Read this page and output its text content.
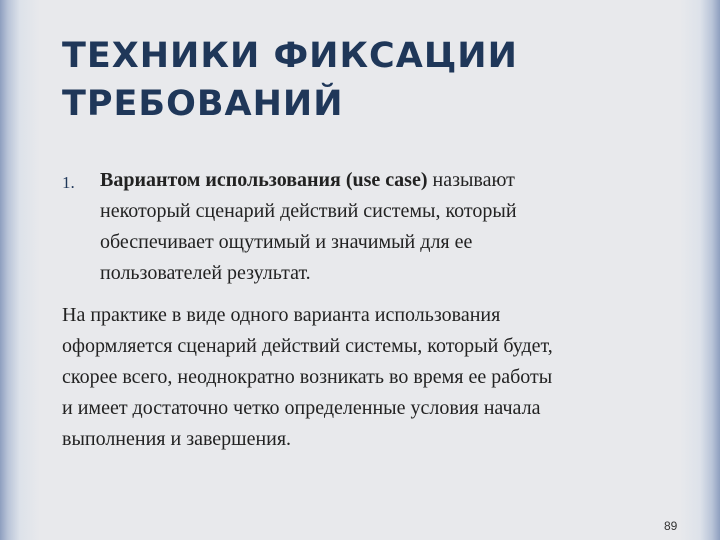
ТЕХНИКИ ФИКСАЦИИ
ТРЕБОВАНИЙ
1. Вариантом использования (use case) называют
некоторый сценарий действий системы, который
обеспечивает ощутимый и значимый для ее
пользователей результат.

На практике в виде одного варианта использования
оформляется сценарий действий системы, который будет,
скорее всего, неоднократно возникать во время ее работы
и имеет достаточно четко определенные условия начала
выполнения и завершения.

89
